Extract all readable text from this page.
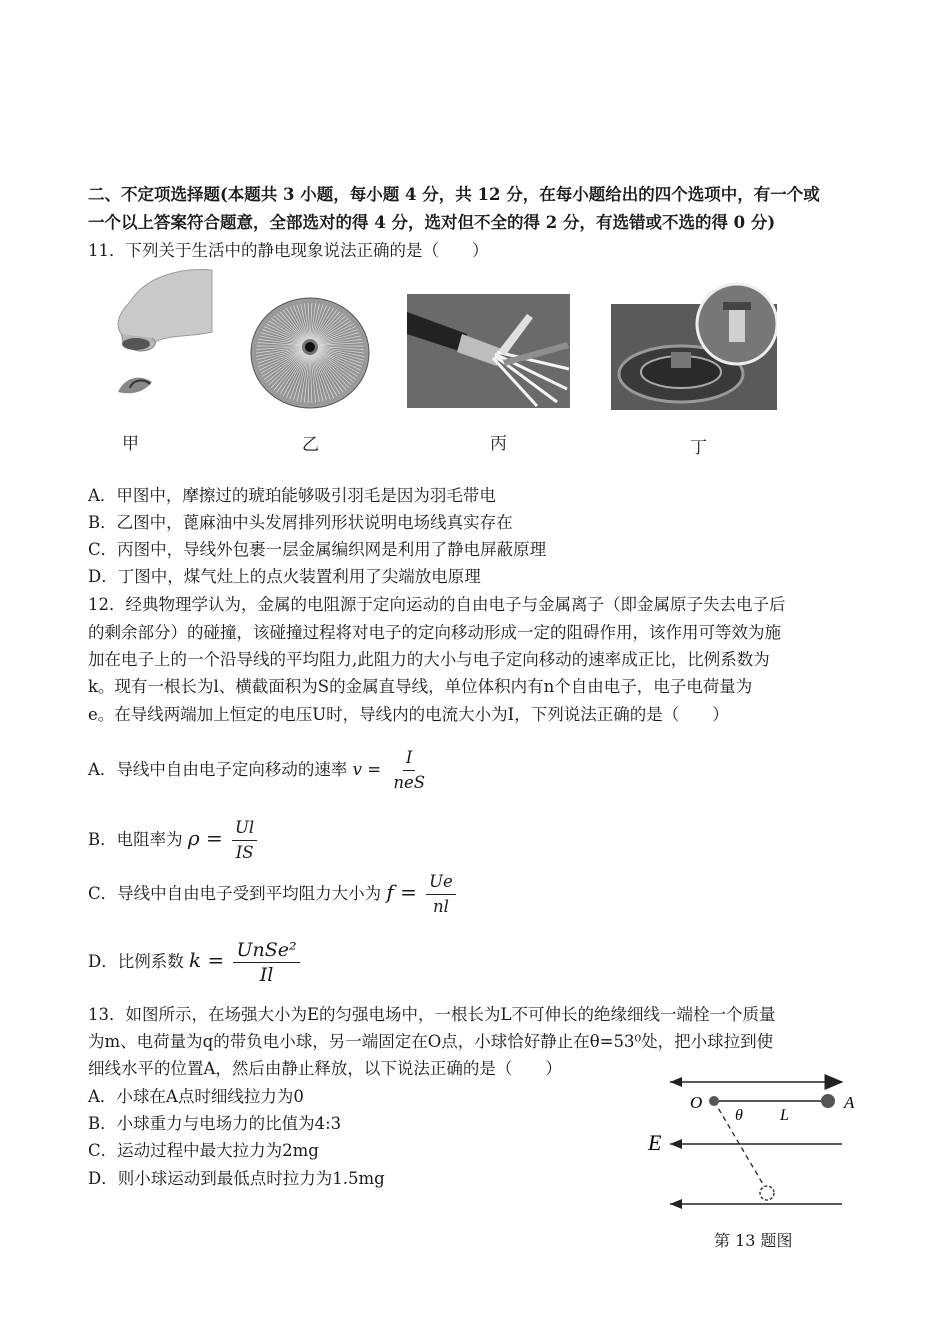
二、不定项选择题(本题共 3 小题，每小题 4 分，共 12 分，在每小题给出的四个选项中，有一个或
一个以上答案符合题意，全部选对的得 4 分，选对但不全的得 2 分，有选错或不选的得 0 分)
11．下列关于生活中的静电现象说法正确的是（　　）
甲	乙	丙	丁
A．甲图中，摩擦过的琥珀能够吸引羽毛是因为羽毛带电
B．乙图中，蓖麻油中头发屑排列形状说明电场线真实存在
C．丙图中，导线外包裹一层金属编织网是利用了静电屏蔽原理
D．丁图中，煤气灶上的点火装置利用了尖端放电原理
12．经典物理学认为，金属的电阻源于定向运动的自由电子与金属离子（即金属原子失去电子后
的剩余部分）的碰撞，该碰撞过程将对电子的定向移动形成一定的阻碍作用，该作用可等效为施
加在电子上的一个沿导线的平均阻力,此阻力的大小与电子定向移动的速率成正比，比例系数为
k。现有一根长为l、横截面积为S的金属直导线，单位体积内有n个自由电子，电子电荷量为
e。在导线两端加上恒定的电压U时，导线内的电流大小为I，下列说法正确的是（　　）
A．导线中自由电子定向移动的速率 $v = \frac{I}{\text{neS}}$
B．电阻率为 $\rho = \frac{Ul}{IS}$
C．导线中自由电子受到平均阻力大小为 $f = \frac{Ue}{nl}$
D．比例系数 $k = \frac{\text{UnSe²}}{Il}$
13．如图所示，在场强大小为E的匀强电场中，一根长为L不可伸长的绝缘细线一端栓一个质量
为m、电荷量为q的带负电小球，另一端固定在O点，小球恰好静止在θ=53⁰处，把小球拉到使
细线水平的位置A，然后由静止释放，以下说法正确的是（　　）
A．小球在A点时细线拉力为0
B．小球重力与电场力的比值为4:3
C．运动过程中最大拉力为2mg
D．则小球运动到最低点时拉力为1.5mg
O	A
θ L
E
第 13 题图
